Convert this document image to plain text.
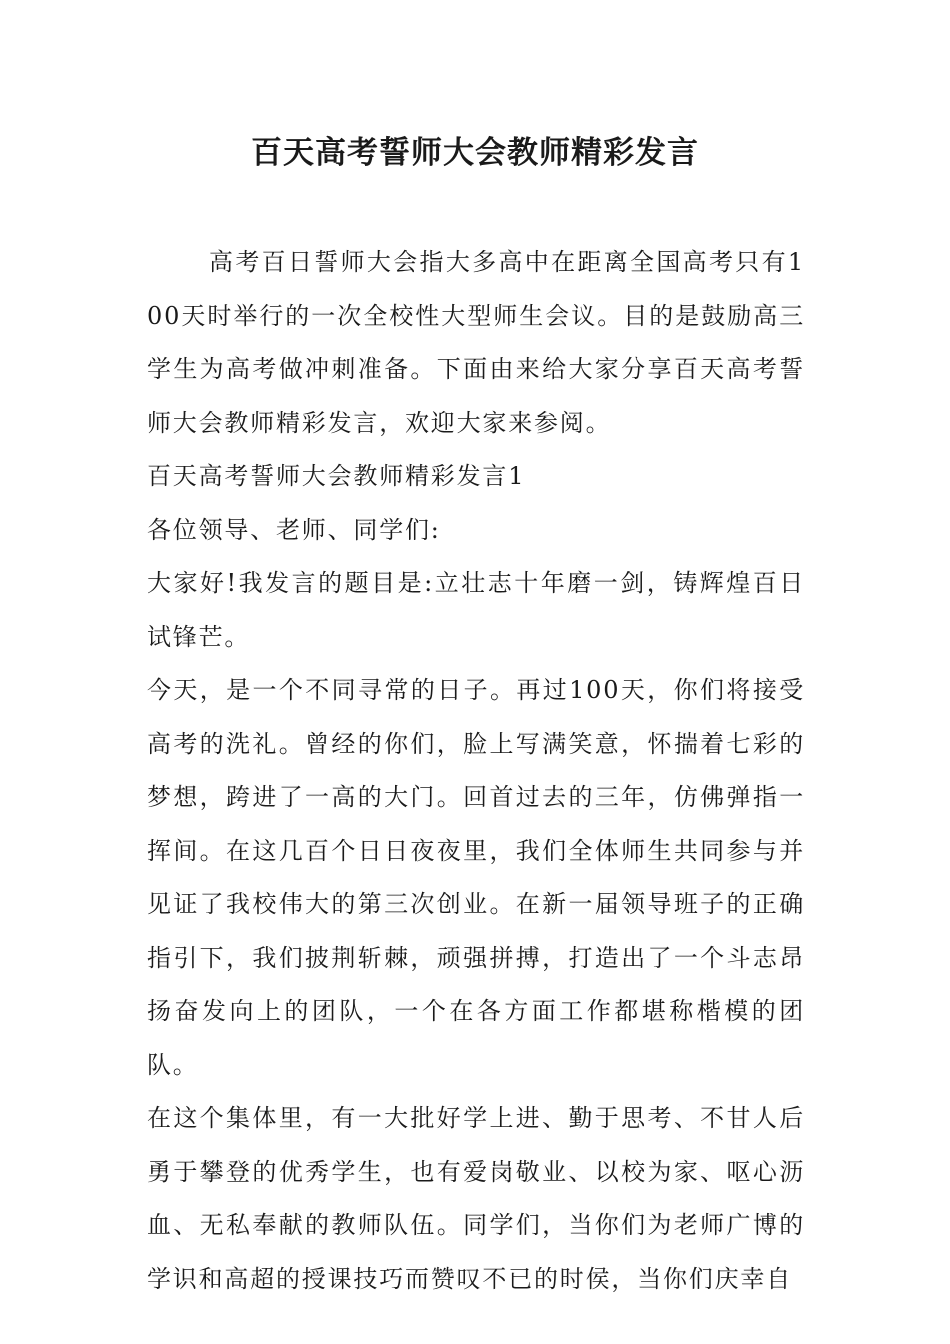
百天高考誓师大会教师精彩发言

高考百日誓师大会指大多高中在距离全国高考只有100天时举行的一次全校性大型师生会议。目的是鼓励高三学生为高考做冲刺准备。下面由来给大家分享百天高考誓师大会教师精彩发言，欢迎大家来参阅。

百天高考誓师大会教师精彩发言1

各位领导、老师、同学们:

大家好!我发言的题目是:立壮志十年磨一剑，铸辉煌百日试锋芒。

今天，是一个不同寻常的日子。再过100天，你们将接受高考的洗礼。曾经的你们，脸上写满笑意，怀揣着七彩的梦想，跨进了一高的大门。回首过去的三年，仿佛弹指一挥间。在这几百个日日夜夜里，我们全体师生共同参与并见证了我校伟大的第三次创业。在新一届领导班子的正确指引下，我们披荆斩棘，顽强拼搏，打造出了一个斗志昂扬奋发向上的团队，一个在各方面工作都堪称楷模的团队。

在这个集体里，有一大批好学上进、勤于思考、不甘人后勇于攀登的优秀学生，也有爱岗敬业、以校为家、呕心沥血、无私奉献的教师队伍。同学们，当你们为老师广博的学识和高超的授课技巧而赞叹不已的时侯，当你们庆幸自
